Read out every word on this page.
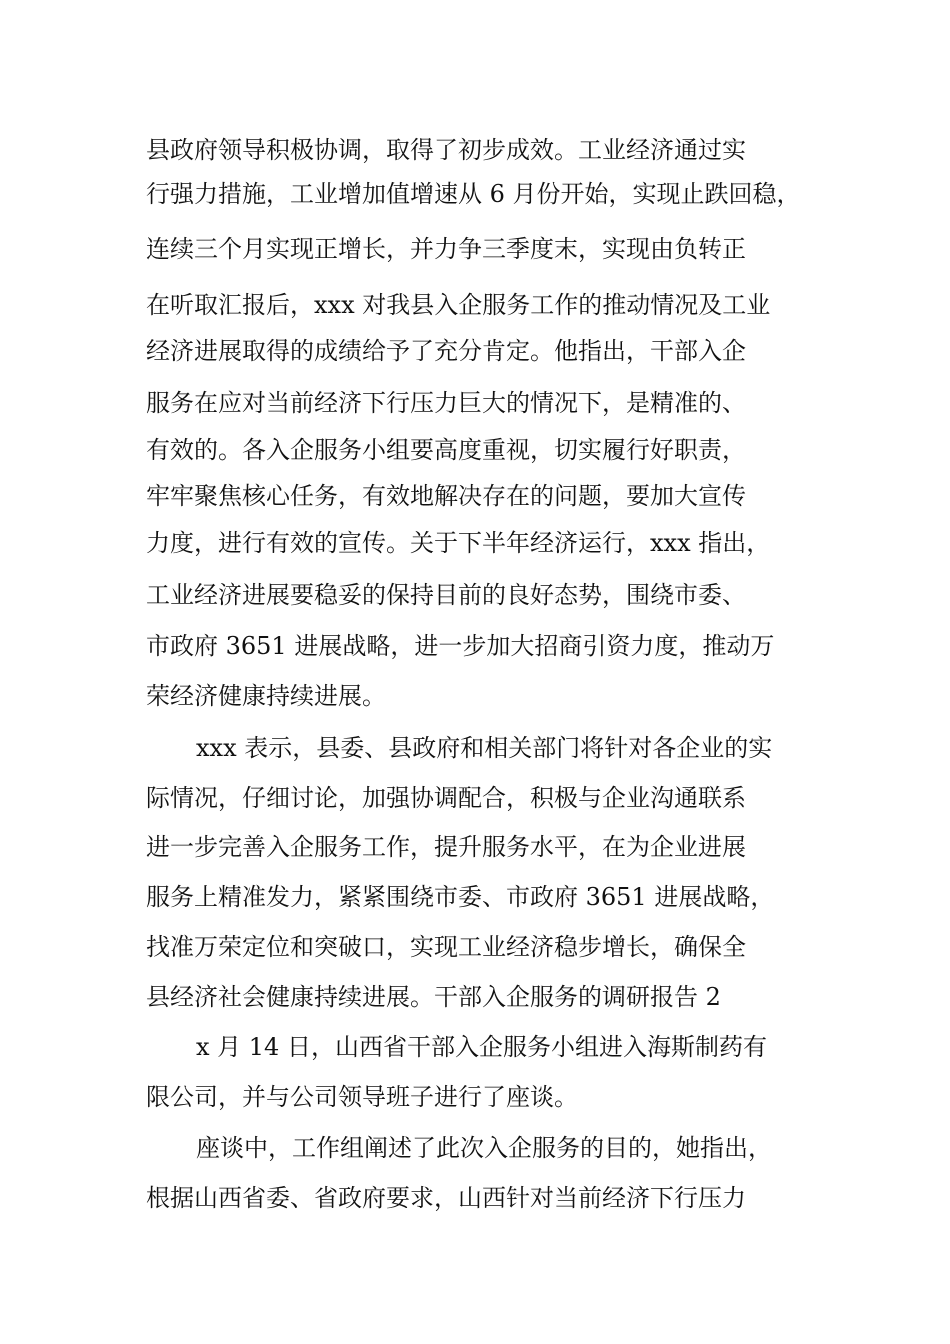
县政府领导积极协调，取得了初步成效。工业经济通过实
行强力措施，工业增加值增速从 6 月份开始，实现止跌回稳，
连续三个月实现正增长，并力争三季度末，实现由负转正
在听取汇报后，xxx 对我县入企服务工作的推动情况及工业
经济进展取得的成绩给予了充分肯定。他指出，干部入企
服务在应对当前经济下行压力巨大的情况下，是精准的、
有效的。各入企服务小组要高度重视，切实履行好职责，
牢牢聚焦核心任务，有效地解决存在的问题，要加大宣传
力度，进行有效的宣传。关于下半年经济运行，xxx 指出，
工业经济进展要稳妥的保持目前的良好态势，围绕市委、
市政府 3651 进展战略，进一步加大招商引资力度，推动万
荣经济健康持续进展。
xxx 表示，县委、县政府和相关部门将针对各企业的实
际情况，仔细讨论，加强协调配合，积极与企业沟通联系
进一步完善入企服务工作，提升服务水平，在为企业进展
服务上精准发力，紧紧围绕市委、市政府 3651 进展战略，
找准万荣定位和突破口，实现工业经济稳步增长，确保全
县经济社会健康持续进展。干部入企服务的调研报告 2
x 月 14 日，山西省干部入企服务小组进入海斯制药有
限公司，并与公司领导班子进行了座谈。
座谈中，工作组阐述了此次入企服务的目的，她指出，
根据山西省委、省政府要求，山西针对当前经济下行压力
